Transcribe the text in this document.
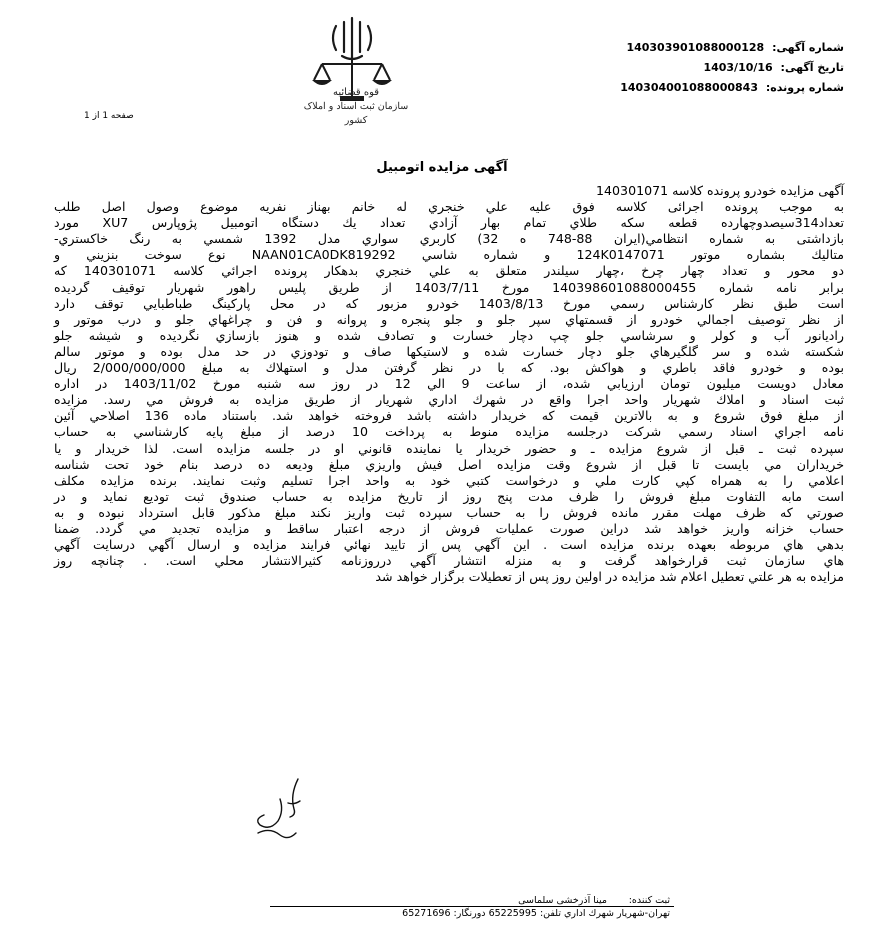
قوه قضائیه
سازمان ثبت اسناد و املاک کشور
شماره آگهی: 140303901088000128
تاریخ آگهی: 1403/10/16
شماره پرونده: 140304001088000843
صفحه 1 از 1
آگهی مزایده اتومبیل
آگهی مزایده خودرو پرونده کلاسه 140301071
به موجب پرونده اجرائی کلاسه فوق علیه علي خنجري له خانم بهناز نفريه موضوع وصول اصل طلب
تعداد314سيصدوچهارده قطعه سكه طلاي تمام بهار آزادي تعداد يك دستگاه اتومبيل پژوپارس XU7 مورد
بازداشتی به شماره انتظامي(ايران 88-748 ه 32) كاربري سواري مدل 1392 شمسي به رنگ خاكستري-
متاليك بشماره موتور 124K0147071 و شماره شاسي NAAN01CA0DK819292 نوع سوخت بنزيني و
دو محور و تعداد چهار چرخ ،چهار سيلندر متعلق به علي خنجري بدهكار پرونده اجرائي كلاسه 140301071 كه
برابر نامه شماره 140398601088000455 مورخ 1403/7/11 از طريق پليس راهور شهريار توقيف گرديده
است طبق نظر كارشناس رسمي مورخ 1403/8/13 خودرو مزبور كه در محل پاركينگ طباطبايي توقف دارد
از نظر توصيف اجمالي خودرو از قسمتهاي سپر جلو و جلو پنجره و پروانه و فن و چراغهاي جلو و درب موتور و
راديانور آب و كولر و سرشاسي جلو چپ دچار خسارت و تصادف شده و هنوز بازسازي نگرديده و شيشه جلو
شكسته شده و سر گلگيرهاي جلو دچار خسارت شده و لاستيكها صاف و تودوزي در حد مدل بوده و موتور سالم
بوده و خودرو فاقد باطري و هواكش بود. كه با در نظر گرفتن مدل و استهلاك به مبلغ 2/000/000/000 ريال
معادل دويست ميليون تومان ارزيابي شده، از ساعت 9 الي 12 در روز سه شنبه مورخ 1403/11/02 در اداره
ثبت اسناد و املاك شهريار واحد اجرا واقع در شهرك اداري شهريار از طريق مزايده به فروش مي رسد. مزايده
از مبلغ فوق شروع و به بالاترين قيمت كه خريدار داشته باشد فروخته خواهد شد. باستناد ماده 136 اصلاحي آئين
نامه اجراي اسناد رسمي شركت درجلسه مزايده منوط به پرداخت 10 درصد از مبلغ پايه كارشناسي به حساب
سپرده ثبت ـ قبل از شروع مزايده ـ و حضور خريدار يا نماينده قانوني او در جلسه مزايده است. لذا خريدار و يا
خريداران مي بايست تا قبل از شروع وقت مزايده اصل فيش واريزي مبلغ وديعه ده درصد بنام خود تحت شناسه
اعلامي را به همراه كپي كارت ملي و درخواست كتبي خود به واحد اجرا تسليم وثبت نمايند. برنده مزايده مكلف
است مابه التفاوت مبلغ فروش را ظرف مدت پنج روز از تاريخ مزايده به حساب صندوق ثبت توديع نمايد و در
صورتي كه ظرف مهلت مقرر مانده فروش را به حساب سپرده ثبت واريز نكند مبلغ مذكور قابل استرداد نبوده و به
حساب خزانه واريز خواهد شد دراين صورت عمليات فروش از درجه اعتبار ساقط و مزايده تجديد مي گردد. ضمنا
بدهي هاي مربوطه بعهده برنده مزايده است . اين آگهي پس از تاييد نهائي فرايند مزايده و ارسال آگهي درسايت آگهي
هاي سازمان ثبت قرارخواهد گرفت و به منزله انتشار آگهي درروزنامه كثيرالانتشار محلي است. . چنانچه روز
مزايده به هر علتي تعطيل اعلام شد مزايده در اولين روز پس از تعطيلات برگزار خواهد شد
ثبت کننده: مینا آذرخشی سلماسی
تهران-شهريار شهرك اداري تلفن: 65225995 دورنگار: 65271696
